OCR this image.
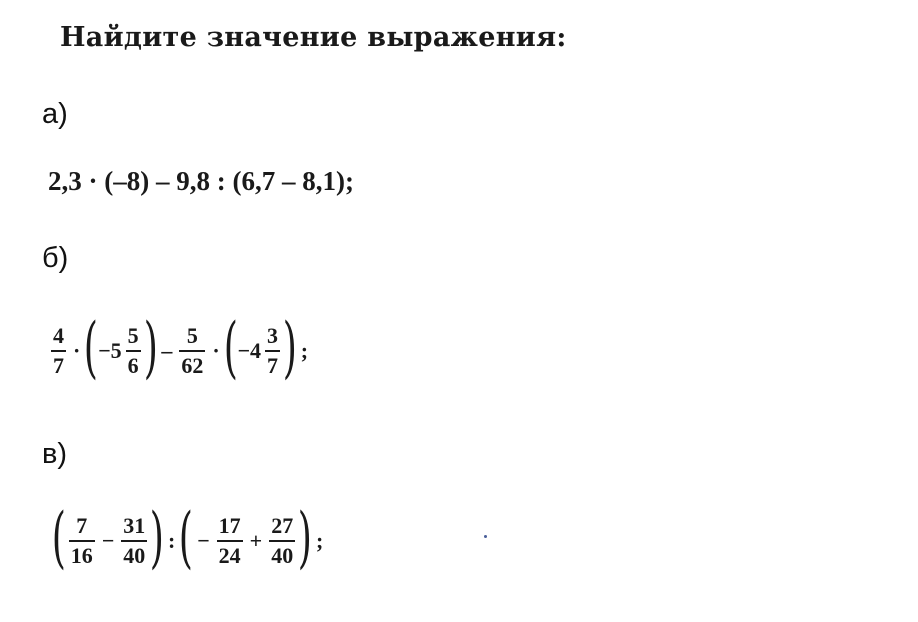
Найдите значение выражения:
а)
2,3 · (–8) – 9,8 : (6,7 – 8,1);
б)
$\frac{4}{7}$ · ( $-5 \frac{5}{6}$ ) – $\frac{5}{62}$ · ( $-4 \frac{3}{7}$ ) ;
в)
( $\frac{7}{16} - \frac{31}{40}$ ) : ( − $\frac{17}{24} + \frac{27}{40}$ ) ;
